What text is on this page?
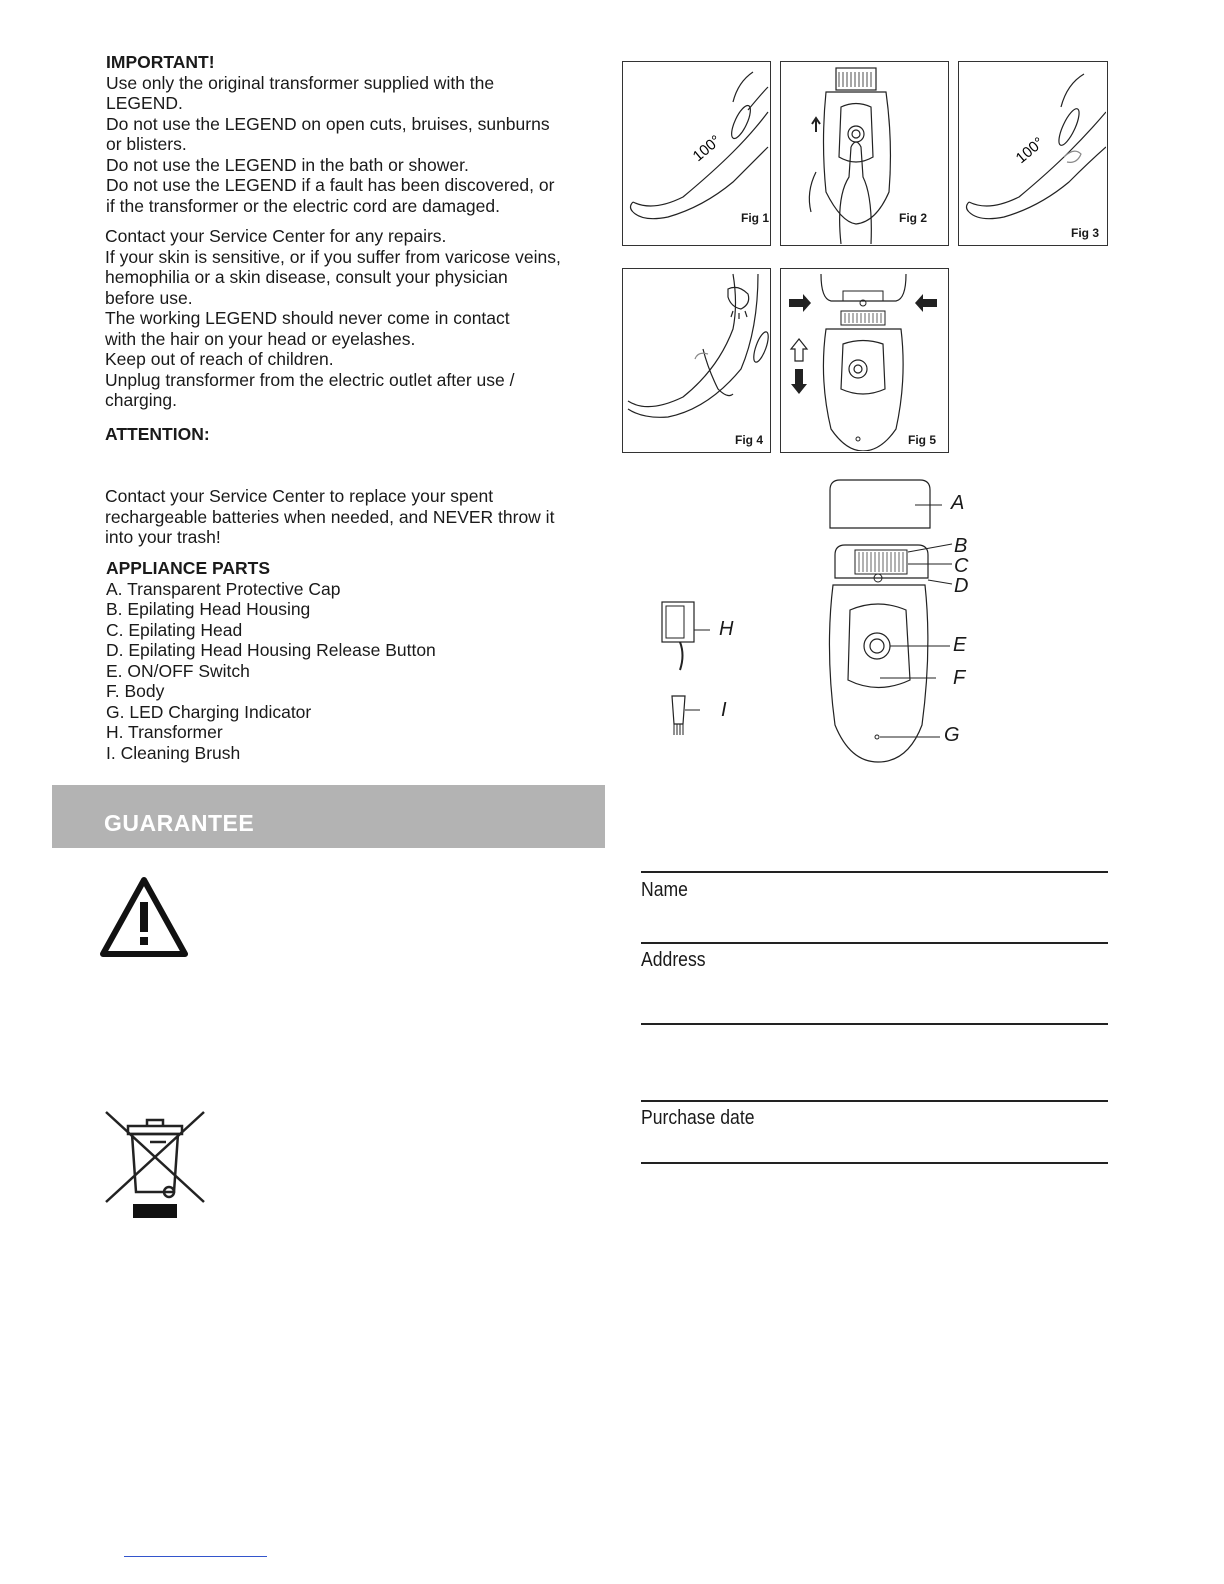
IMPORTANT!

Use only the original transformer supplied with the

LEGEND.

Do not use the LEGEND on open cuts, bruises, sunburns

or blisters.

Do not use the LEGEND in the bath or shower.

Do not use the LEGEND if a fault has been discovered, or

if the transformer or the electric cord are damaged.

Contact your Service Center for any repairs.

If your skin is sensitive, or if you suffer from varicose veins,

hemophilia or a skin disease, consult your physician

before use.

The working LEGEND should never come in contact

with the hair on your head or eyelashes.

Keep out of reach of children.

Unplug transformer from the electric outlet after use /

charging.

ATTENTION:

Contact your Service Center to replace your spent

rechargeable batteries when needed, and NEVER throw it

into your trash!

APPLIANCE PARTS

A. Transparent Protective Cap

B. Epilating Head Housing

C. Epilating Head

D. Epilating Head Housing Release Button

E. ON/OFF Switch

F. Body

G. LED Charging Indicator

H. Transformer

I. Cleaning Brush

100°
Fig 1	Fig 2
100°
Fig 3
Fig 4	Fig 5
A
B
C
D
E
F
G
H
I
GUARANTEE
Name
Address
Purchase date
